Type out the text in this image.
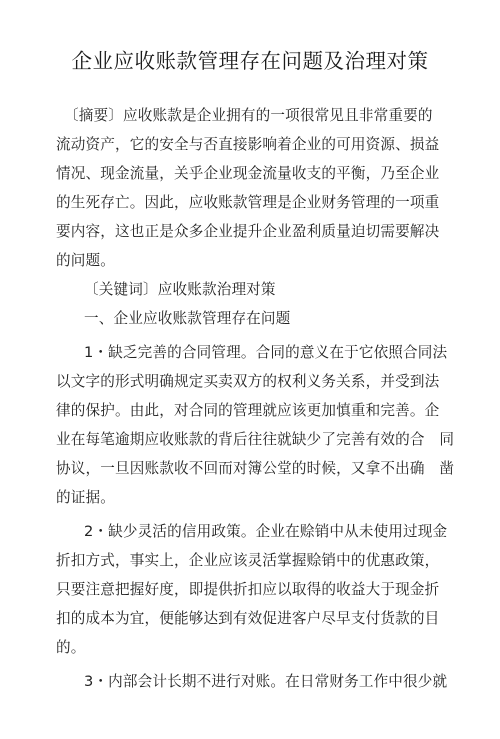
企业应收账款管理存在问题及治理对策
〔摘要〕应收账款是企业拥有的一项很常见且非常重要的
流动资产，它的安全与否直接影响着企业的可用资源、损益
情况、现金流量，关乎企业现金流量收支的平衡，乃至企业
的生死存亡。因此，应收账款管理是企业财务管理的一项重
要内容，这也正是众多企业提升企业盈利质量迫切需要解决
的问题。
〔关键词〕应收账款治理对策
一、企业应收账款管理存在问题
1・缺乏完善的合同管理。合同的意义在于它依照合同法
以文字的形式明确规定买卖双方的权利义务关系，并受到法
律的保护。由此，对合同的管理就应该更加慎重和完善。企
业在每笔逾期应收账款的背后往往就缺少了完善有效的合　同
协议，一旦因账款收不回而对簿公堂的时候，又拿不出确　凿
的证据。
2・缺少灵活的信用政策。企业在赊销中从未使用过现金
折扣方式，事实上，企业应该灵活掌握赊销中的优惠政策，
只要注意把握好度，即提供折扣应以取得的收益大于现金折
扣的成本为宜，便能够达到有效促进客户尽早支付货款的目
的。
3・内部会计长期不进行对账。在日常财务工作中很少就
